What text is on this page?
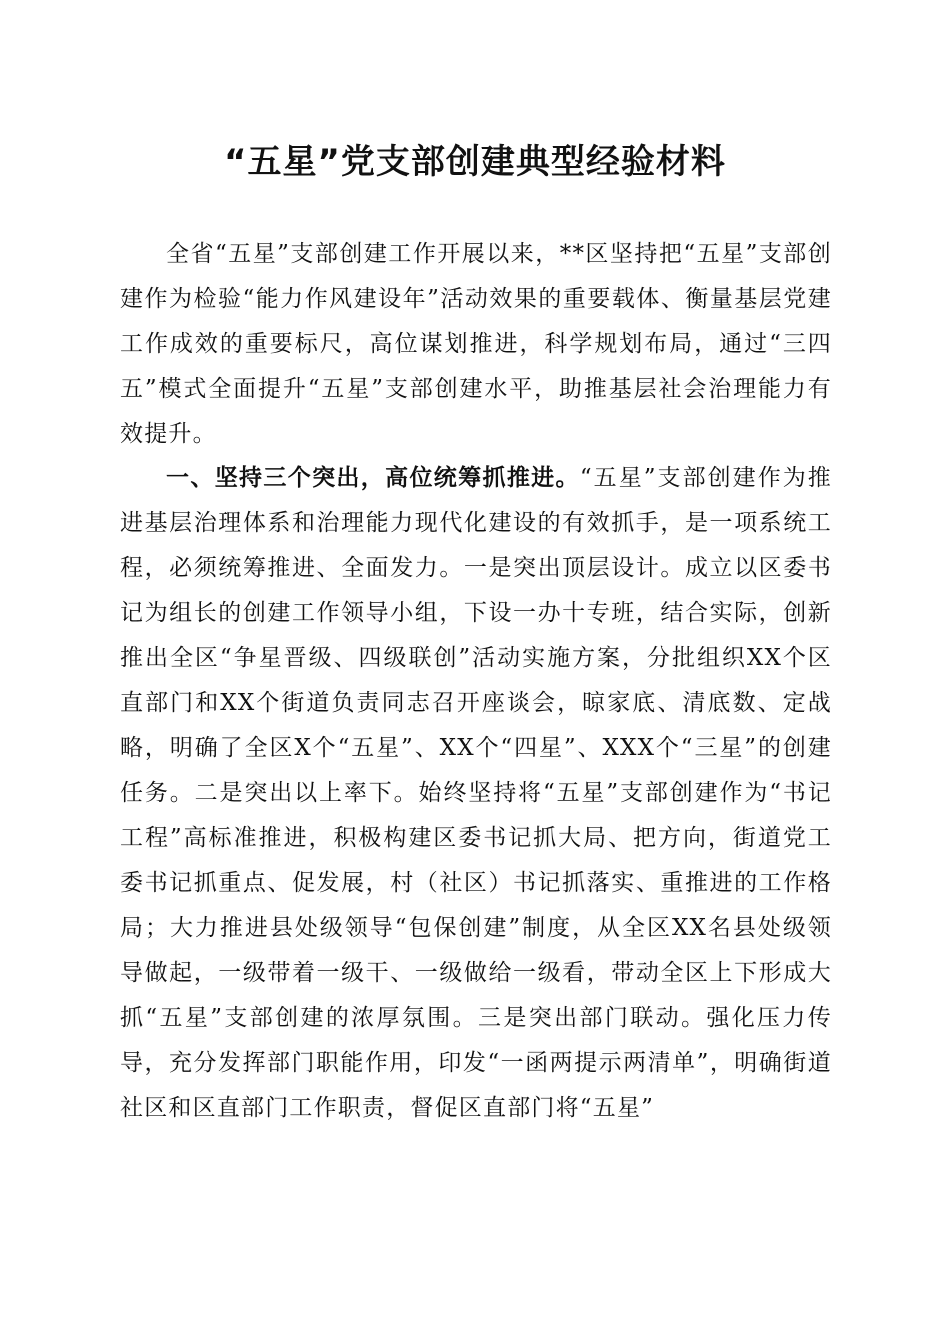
“五星”党支部创建典型经验材料

全省“五星”支部创建工作开展以来，**区坚持把“五星”支部创建作为检验“能力作风建设年”活动效果的重要载体、衡量基层党建工作成效的重要标尺，高位谋划推进，科学规划布局，通过“三四五”模式全面提升“五星”支部创建水平，助推基层社会治理能力有效提升。

一、坚持三个突出，高位统筹抓推进。“五星”支部创建作为推进基层治理体系和治理能力现代化建设的有效抓手，是一项系统工程，必须统筹推进、全面发力。一是突出顶层设计。成立以区委书记为组长的创建工作领导小组，下设一办十专班，结合实际，创新推出全区“争星晋级、四级联创”活动实施方案，分批组织XX个区直部门和XX个街道负责同志召开座谈会，晾家底、清底数、定战略，明确了全区X个“五星”、XX个“四星”、XXX个“三星”的创建任务。二是突出以上率下。始终坚持将“五星”支部创建作为“书记工程”高标准推进，积极构建区委书记抓大局、把方向，街道党工委书记抓重点、促发展，村（社区）书记抓落实、重推进的工作格局；大力推进县处级领导“包保创建”制度，从全区XX名县处级领导做起，一级带着一级干、一级做给一级看，带动全区上下形成大抓“五星”支部创建的浓厚氛围。三是突出部门联动。强化压力传导，充分发挥部门职能作用，印发“一函两提示两清单”，明确街道社区和区直部门工作职责，督促区直部门将“五星”
